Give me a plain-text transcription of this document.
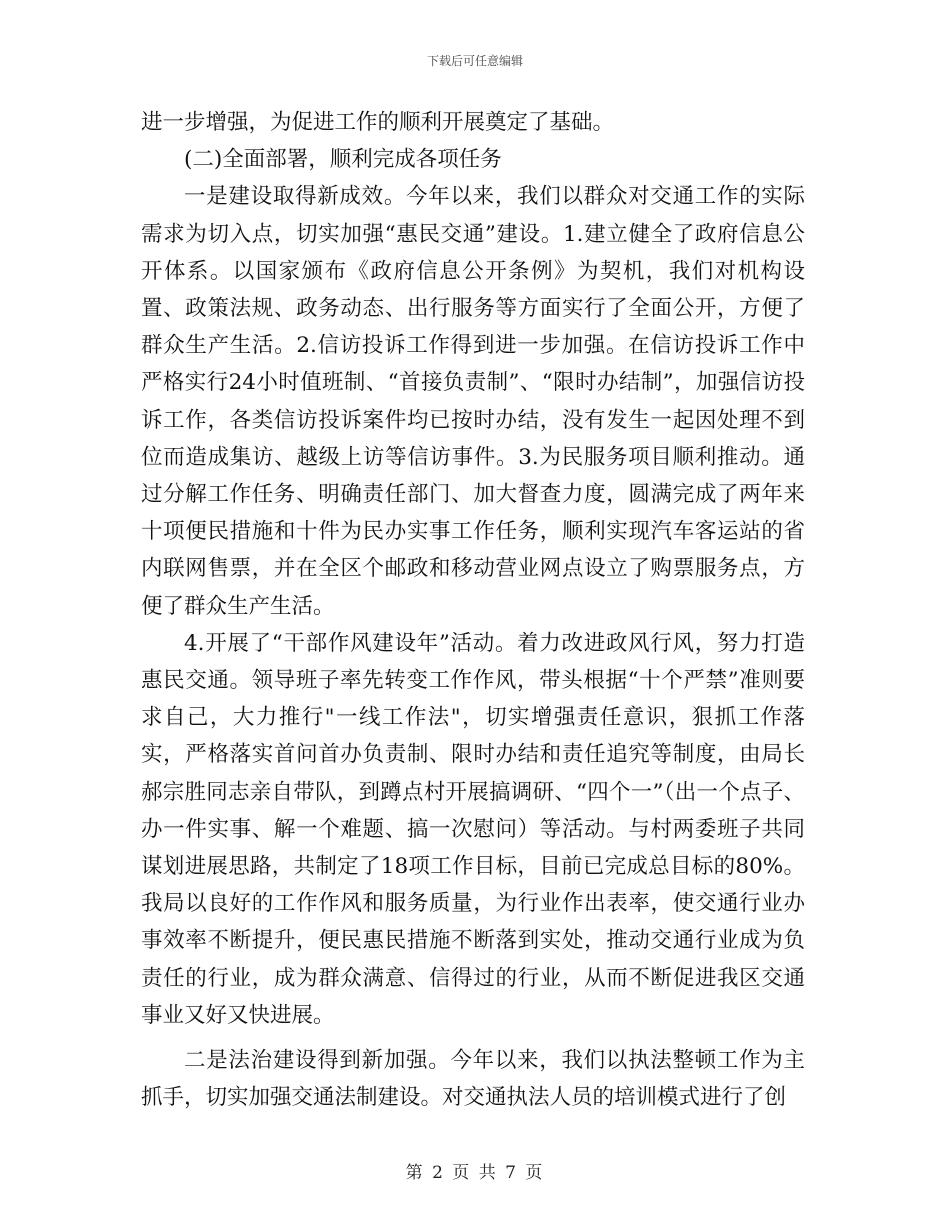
下载后可任意编辑

进一步增强，为促进工作的顺利开展奠定了基础。

(二)全面部署，顺利完成各项任务

一是建设取得新成效。今年以来，我们以群众对交通工作的实际需求为切入点，切实加强“惠民交通”建设。1.建立健全了政府信息公开体系。以国家颁布《政府信息公开条例》为契机，我们对机构设置、政策法规、政务动态、出行服务等方面实行了全面公开，方便了群众生产生活。2.信访投诉工作得到进一步加强。在信访投诉工作中严格实行24小时值班制、“首接负责制”、“限时办结制”，加强信访投诉工作，各类信访投诉案件均已按时办结，没有发生一起因处理不到位而造成集访、越级上访等信访事件。3.为民服务项目顺利推动。通过分解工作任务、明确责任部门、加大督查力度，圆满完成了两年来十项便民措施和十件为民办实事工作任务，顺利实现汽车客运站的省内联网售票，并在全区个邮政和移动营业网点设立了购票服务点，方便了群众生产生活。

4.开展了“干部作风建设年”活动。着力改进政风行风，努力打造惠民交通。领导班子率先转变工作作风，带头根据“十个严禁”准则要求自己，大力推行"一线工作法"，切实增强责任意识，狠抓工作落实，严格落实首问首办负责制、限时办结和责任追究等制度，由局长郝宗胜同志亲自带队，到蹲点村开展搞调研、“四个一”（出一个点子、办一件实事、解一个难题、搞一次慰问）等活动。与村两委班子共同谋划进展思路，共制定了18项工作目标，目前已完成总目标的80%。我局以良好的工作作风和服务质量，为行业作出表率，使交通行业办事效率不断提升，便民惠民措施不断落到实处，推动交通行业成为负责任的行业，成为群众满意、信得过的行业，从而不断促进我区交通事业又好又快进展。

二是法治建设得到新加强。今年以来，我们以执法整顿工作为主抓手，切实加强交通法制建设。对交通执法人员的培训模式进行了创

第 2 页 共 7 页
